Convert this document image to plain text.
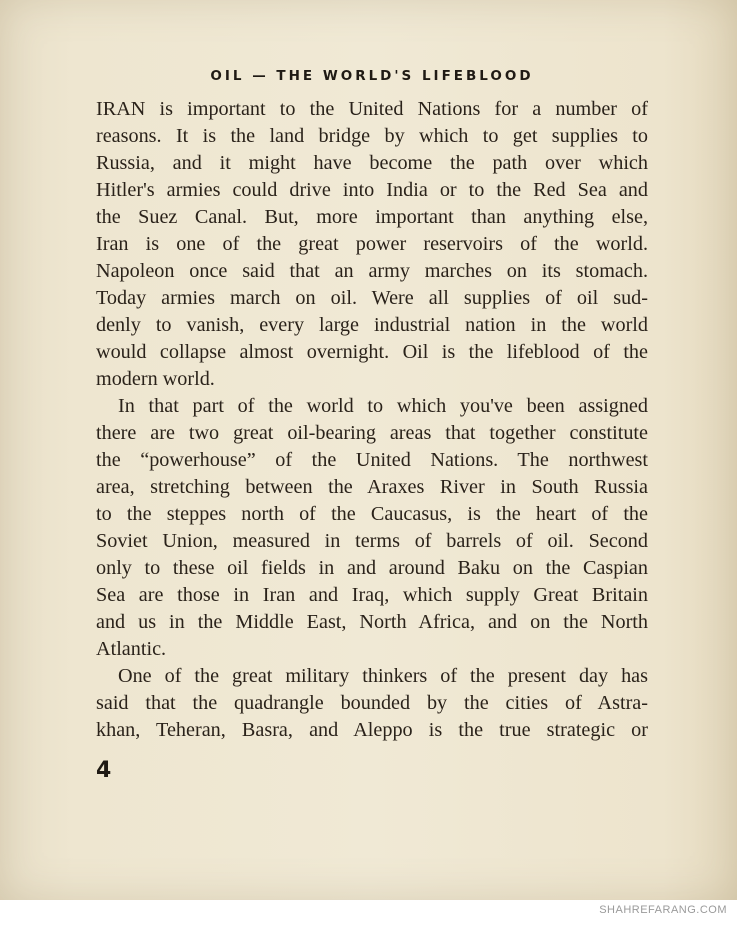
OIL — THE WORLD'S LIFEBLOOD
IRAN is important to the United Nations for a number of
reasons. It is the land bridge by which to get supplies to
Russia, and it might have become the path over which
Hitler's armies could drive into India or to the Red Sea and
the Suez Canal. But, more important than anything else,
Iran is one of the great power reservoirs of the world.
Napoleon once said that an army marches on its stomach.
Today armies march on oil. Were all supplies of oil sud-
denly to vanish, every large industrial nation in the world
would collapse almost overnight. Oil is the lifeblood of the
modern world.
In that part of the world to which you've been assigned
there are two great oil-bearing areas that together constitute
the “powerhouse” of the United Nations. The northwest
area, stretching between the Araxes River in South Russia
to the steppes north of the Caucasus, is the heart of the
Soviet Union, measured in terms of barrels of oil. Second
only to these oil fields in and around Baku on the Caspian
Sea are those in Iran and Iraq, which supply Great Britain
and us in the Middle East, North Africa, and on the North
Atlantic.
One of the great military thinkers of the present day has
said that the quadrangle bounded by the cities of Astra-
khan, Teheran, Basra, and Aleppo is the true strategic or
4
SHAHREFARANG.COM
